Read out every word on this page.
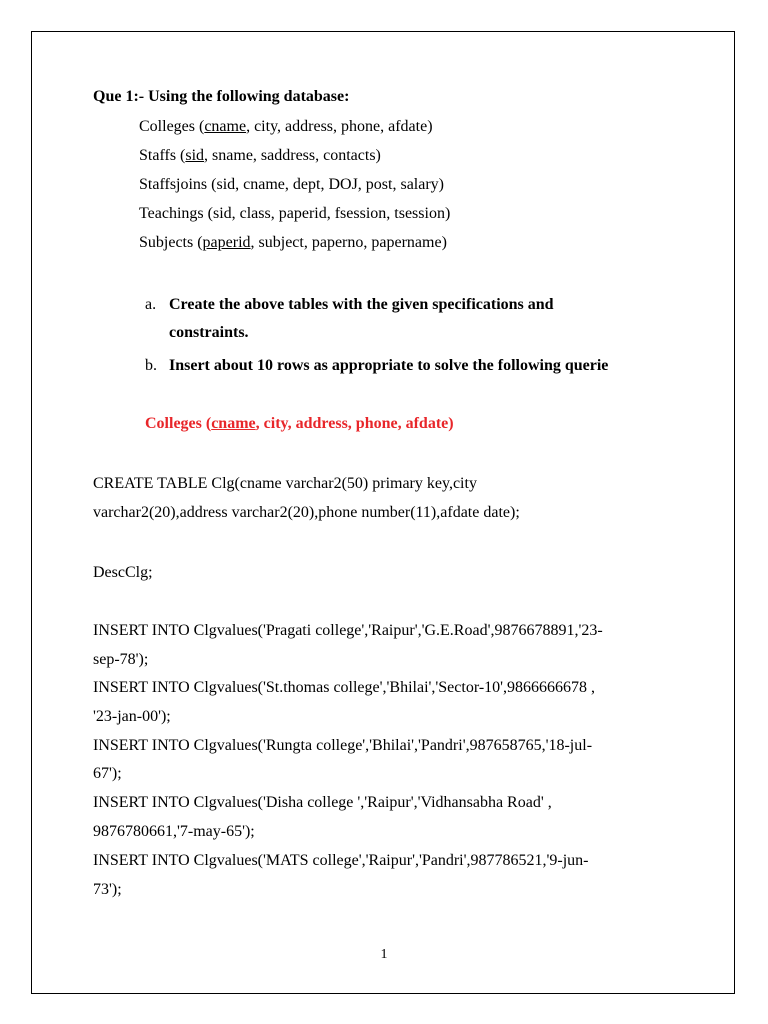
Que 1:- Using the following database:
Colleges (cname, city, address, phone, afdate)
Staffs (sid, sname, saddress, contacts)
Staffsjoins (sid, cname, dept, DOJ, post, salary)
Teachings (sid, class, paperid, fsession, tsession)
Subjects (paperid, subject, paperno, papername)
a. Create the above tables with the given specifications and
constraints.
b. Insert about 10 rows as appropriate to solve the following querie
Colleges (cname, city, address, phone, afdate)
CREATE TABLE Clg(cname varchar2(50) primary key,city
varchar2(20),address varchar2(20),phone number(11),afdate date);
DescClg;
INSERT INTO Clgvalues('Pragati college','Raipur','G.E.Road',9876678891,'23-
sep-78');
INSERT INTO Clgvalues('St.thomas college','Bhilai','Sector-10',9866666678 ,
'23-jan-00');
INSERT INTO Clgvalues('Rungta college','Bhilai','Pandri',987658765,'18-jul-
67');
INSERT INTO Clgvalues('Disha college ','Raipur','Vidhansabha Road' ,
9876780661,'7-may-65');
INSERT INTO Clgvalues('MATS college','Raipur','Pandri',987786521,'9-jun-
73');
1
